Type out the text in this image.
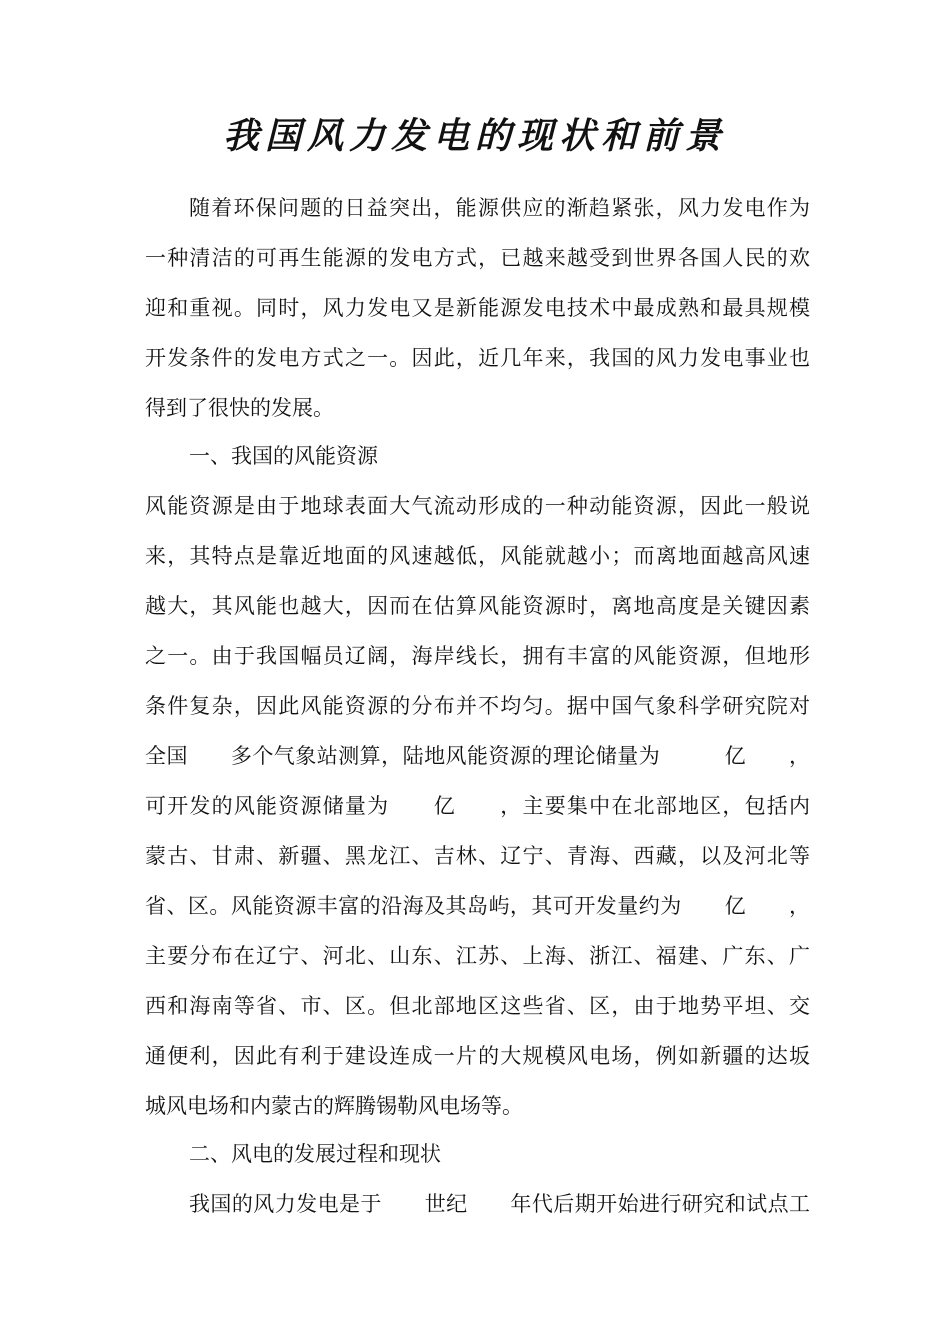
我国风力发电的现状和前景
随着环保问题的日益突出，能源供应的渐趋紧张，风力发电作为
一种清洁的可再生能源的发电方式，已越来越受到世界各国人民的欢
迎和重视。同时，风力发电又是新能源发电技术中最成熟和最具规模
开发条件的发电方式之一。因此，近几年来，我国的风力发电事业也
得到了很快的发展。
一、我国的风能资源
风能资源是由于地球表面大气流动形成的一种动能资源，因此一般说
来，其特点是靠近地面的风速越低，风能就越小；而离地面越高风速
越大，其风能也越大，因而在估算风能资源时，离地高度是关键因素
之一。由于我国幅员辽阔，海岸线长，拥有丰富的风能资源，但地形
条件复杂，因此风能资源的分布并不均匀。据中国气象科学研究院对
全国　　多个气象站测算，陆地风能资源的理论储量为　　　亿　　，
可开发的风能资源储量为　　亿　　，主要集中在北部地区，包括内
蒙古、甘肃、新疆、黑龙江、吉林、辽宁、青海、西藏，以及河北等
省、区。风能资源丰富的沿海及其岛屿，其可开发量约为　　亿　　，
主要分布在辽宁、河北、山东、江苏、上海、浙江、福建、广东、广
西和海南等省、市、区。但北部地区这些省、区，由于地势平坦、交
通便利，因此有利于建设连成一片的大规模风电场，例如新疆的达坂
城风电场和内蒙古的辉腾锡勒风电场等。
二、风电的发展过程和现状
我国的风力发电是于　　世纪　　年代后期开始进行研究和试点工
